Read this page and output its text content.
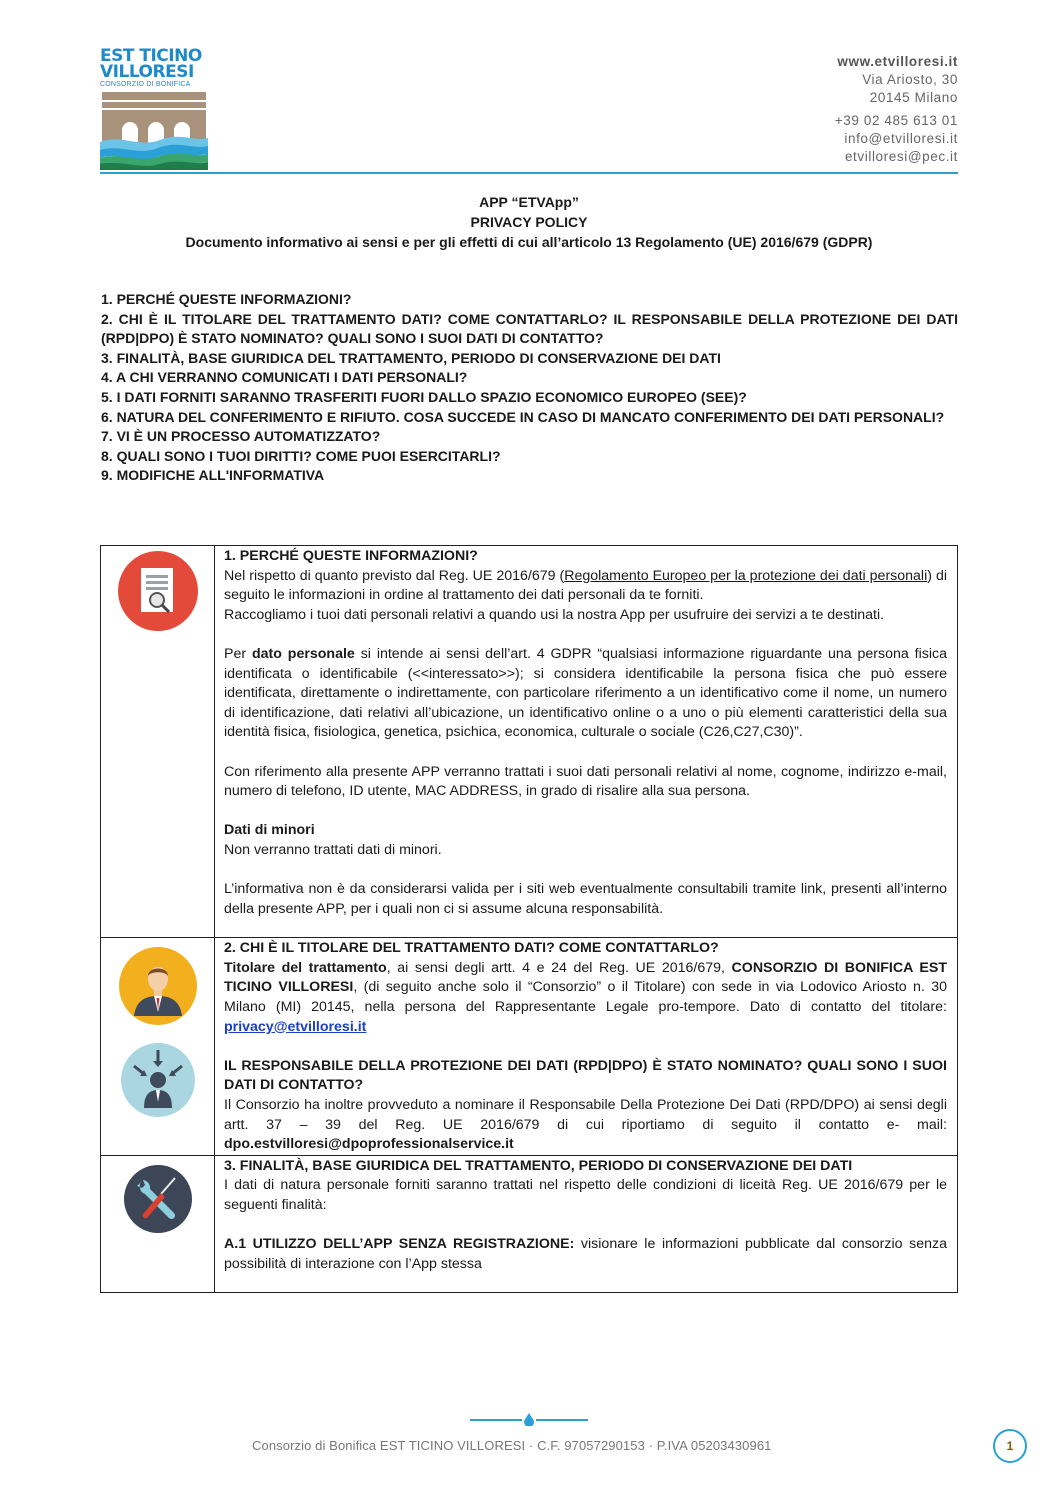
EST TICINO
VILLORESI
CONSORZIO DI BONIFICA
www.etvilloresi.it
Via Ariosto, 30
20145 Milano
+39 02 485 613 01
info@etvilloresi.it
etvilloresi@pec.it
APP “ETVApp”
PRIVACY POLICY
Documento informativo ai sensi e per gli effetti di cui all’articolo 13 Regolamento (UE) 2016/679 (GDPR)
1. PERCHÉ QUESTE INFORMAZIONI?
2. CHI È IL TITOLARE DEL TRATTAMENTO DATI? COME CONTATTARLO? IL RESPONSABILE DELLA PROTEZIONE DEI DATI (RPD|DPO) È STATO NOMINATO? QUALI SONO I SUOI DATI DI CONTATTO?
3. FINALITÀ, BASE GIURIDICA DEL TRATTAMENTO, PERIODO DI CONSERVAZIONE DEI DATI
4. A CHI VERRANNO COMUNICATI I DATI PERSONALI?
5. I DATI FORNITI SARANNO TRASFERITI FUORI DALLO SPAZIO ECONOMICO EUROPEO (SEE)?
6. NATURA DEL CONFERIMENTO E RIFIUTO. COSA SUCCEDE IN CASO DI MANCATO CONFERIMENTO DEI DATI PERSONALI?
7. VI È UN PROCESSO AUTOMATIZZATO?
8. QUALI SONO I TUOI DIRITTI? COME PUOI ESERCITARLI?
9. MODIFICHE ALL'INFORMATIVA

1. PERCHÉ QUESTE INFORMAZIONI?
Nel rispetto di quanto previsto dal Reg. UE 2016/679 (Regolamento Europeo per la protezione dei dati personali) di seguito le informazioni in ordine al trattamento dei dati personali da te forniti.
Raccogliamo i tuoi dati personali relativi a quando usi la nostra App per usufruire dei servizi a te destinati.
Per dato personale si intende ai sensi dell’art. 4 GDPR “qualsiasi informazione riguardante una persona fisica identificata o identificabile (<<interessato>>); si considera identificabile la persona fisica che può essere identificata, direttamente o indirettamente, con particolare riferimento a un identificativo come il nome, un numero di identificazione, dati relativi all’ubicazione, un identificativo online o a uno o più elementi caratteristici della sua identità fisica, fisiologica, genetica, psichica, economica, culturale o sociale (C26,C27,C30)”.
Con riferimento alla presente APP verranno trattati i suoi dati personali relativi al nome, cognome, indirizzo e-mail, numero di telefono, ID utente, MAC ADDRESS, in grado di risalire alla sua persona.
Dati di minori
Non verranno trattati dati di minori.
L’informativa non è da considerarsi valida per i siti web eventualmente consultabili tramite link, presenti all’interno della presente APP, per i quali non ci si assume alcuna responsabilità.

2. CHI È IL TITOLARE DEL TRATTAMENTO DATI? COME CONTATTARLO?
Titolare del trattamento, ai sensi degli artt. 4 e 24 del Reg. UE 2016/679, CONSORZIO DI BONIFICA EST TICINO VILLORESI, (di seguito anche solo il “Consorzio” o il Titolare) con sede in via Lodovico Ariosto n. 30 Milano (MI) 20145, nella persona del Rappresentante Legale pro-tempore. Dato di contatto del titolare: privacy@etvilloresi.it
IL RESPONSABILE DELLA PROTEZIONE DEI DATI (RPD|DPO) È STATO NOMINATO? QUALI SONO I SUOI DATI DI CONTATTO?
Il Consorzio ha inoltre provveduto a nominare il Responsabile Della Protezione Dei Dati (RPD/DPO) ai sensi degli artt. 37 – 39 del Reg. UE 2016/679 di cui riportiamo di seguito il contatto e- mail: dpo.estvilloresi@dpoprofessionalservice.it

3. FINALITÀ, BASE GIURIDICA DEL TRATTAMENTO, PERIODO DI CONSERVAZIONE DEI DATI
I dati di natura personale forniti saranno trattati nel rispetto delle condizioni di liceità Reg. UE 2016/679 per le seguenti finalità:
A.1 UTILIZZO DELL’APP SENZA REGISTRAZIONE: visionare le informazioni pubblicate dal consorzio senza possibilità di interazione con l’App stessa
Consorzio di Bonifica EST TICINO VILLORESI · C.F. 97057290153 · P.IVA 05203430961	1
